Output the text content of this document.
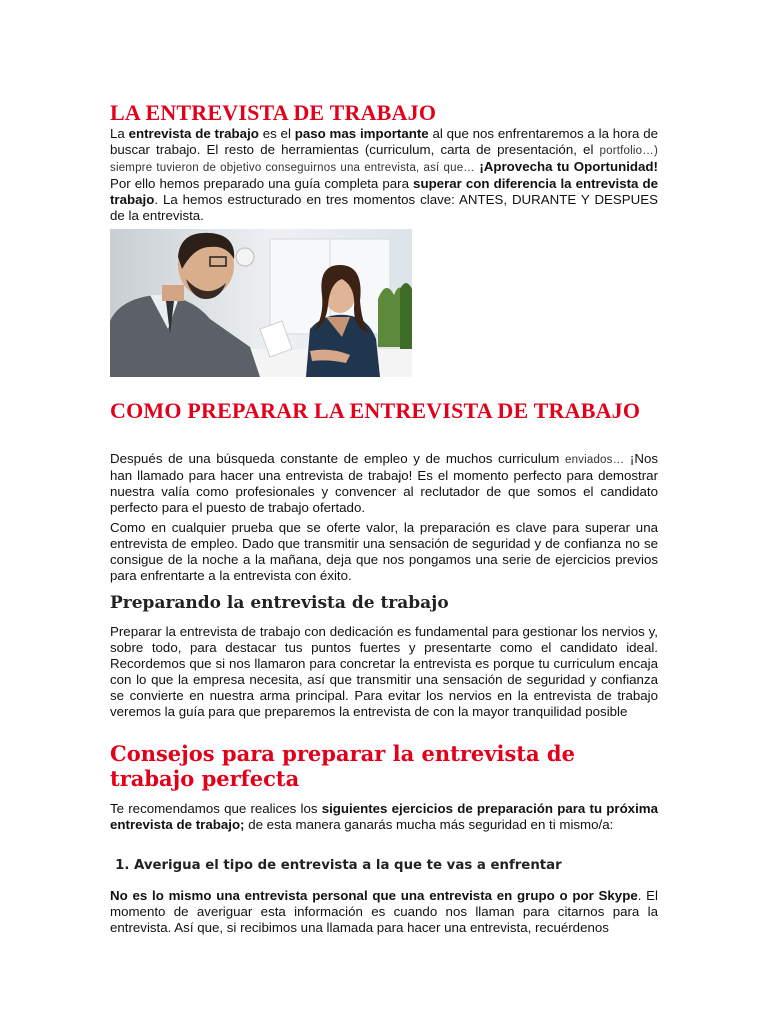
LA ENTREVISTA DE TRABAJO

La entrevista de trabajo es el paso mas importante al que nos enfrentaremos a la hora de buscar trabajo. El resto de herramientas (curriculum, carta de presentación, el portfolio…) siempre tuvieron de objetivo conseguirnos una entrevista, así que… ¡Aprovecha tu Oportunidad! Por ello hemos preparado una guía completa para superar con diferencia la entrevista de trabajo. La hemos estructurado en tres momentos clave: ANTES, DURANTE Y DESPUES de la entrevista.

COMO PREPARAR LA ENTREVISTA DE TRABAJO

Después de una búsqueda constante de empleo y de muchos curriculum enviados… ¡Nos han llamado para hacer una entrevista de trabajo! Es el momento perfecto para demostrar nuestra valía como profesionales y convencer al reclutador de que somos el candidato perfecto para el puesto de trabajo ofertado.

Como en cualquier prueba que se oferte valor, la preparación es clave para superar una entrevista de empleo. Dado que transmitir una sensación de seguridad y de confianza no se consigue de la noche a la mañana, deja que nos pongamos una serie de ejercicios previos para enfrentarte a la entrevista con éxito.

Preparando la entrevista de trabajo

Preparar la entrevista de trabajo con dedicación es fundamental para gestionar los nervios y, sobre todo, para destacar tus puntos fuertes y presentarte como el candidato ideal. Recordemos que si nos llamaron para concretar la entrevista es porque tu curriculum encaja con lo que la empresa necesita, así que transmitir una sensación de seguridad y confianza se convierte en nuestra arma principal. Para evitar los nervios en la entrevista de trabajo veremos la guía para que preparemos la entrevista de con la mayor tranquilidad posible

Consejos para preparar la entrevista de trabajo perfecta

Te recomendamos que realices los siguientes ejercicios de preparación para tu próxima entrevista de trabajo; de esta manera ganarás mucha más seguridad en ti mismo/a:

1. Averigua el tipo de entrevista a la que te vas a enfrentar

No es lo mismo una entrevista personal que una entrevista en grupo o por Skype. El momento de averiguar esta información es cuando nos llaman para citarnos para la entrevista. Así que, si recibimos una llamada para hacer una entrevista, recuérdenos
